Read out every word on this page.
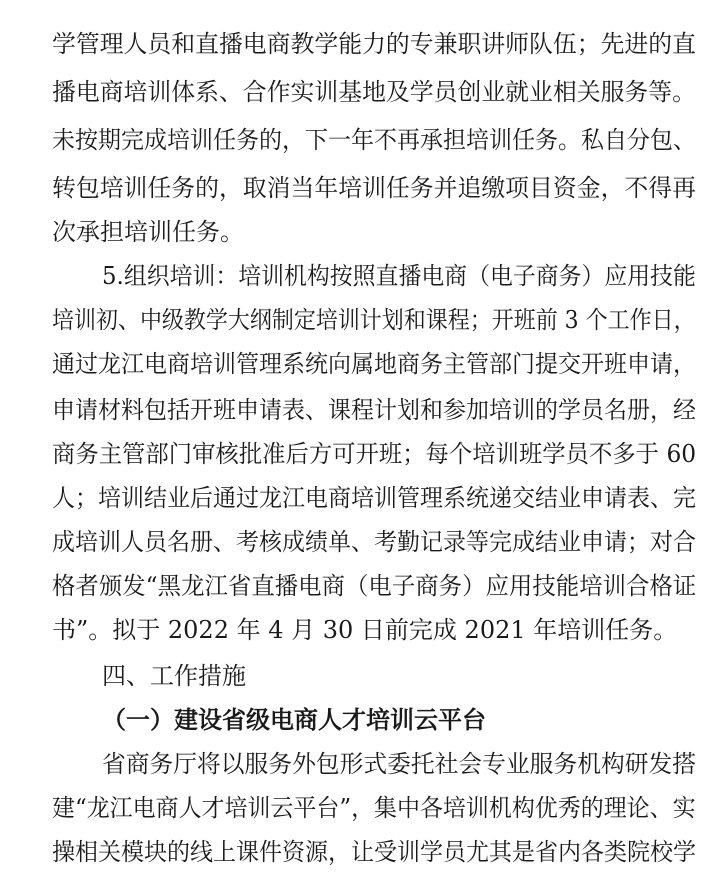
学管理人员和直播电商教学能力的专兼职讲师队伍；先进的直
播电商培训体系、合作实训基地及学员创业就业相关服务等。
未按期完成培训任务的，下一年不再承担培训任务。私自分包、
转包培训任务的，取消当年培训任务并追缴项目资金，不得再
次承担培训任务。
5.组织培训：培训机构按照直播电商（电子商务）应用技能
培训初、中级教学大纲制定培训计划和课程；开班前 3 个工作日，
通过龙江电商培训管理系统向属地商务主管部门提交开班申请，
申请材料包括开班申请表、课程计划和参加培训的学员名册，经
商务主管部门审核批准后方可开班；每个培训班学员不多于 60
人；培训结业后通过龙江电商培训管理系统递交结业申请表、完
成培训人员名册、考核成绩单、考勤记录等完成结业申请；对合
格者颁发“黑龙江省直播电商（电子商务）应用技能培训合格证
书”。拟于 2022 年 4 月 30 日前完成 2021 年培训任务。
四、工作措施
（一）建设省级电商人才培训云平台
省商务厅将以服务外包形式委托社会专业服务机构研发搭
建“龙江电商人才培训云平台”，集中各培训机构优秀的理论、实
操相关模块的线上课件资源，让受训学员尤其是省内各类院校学
